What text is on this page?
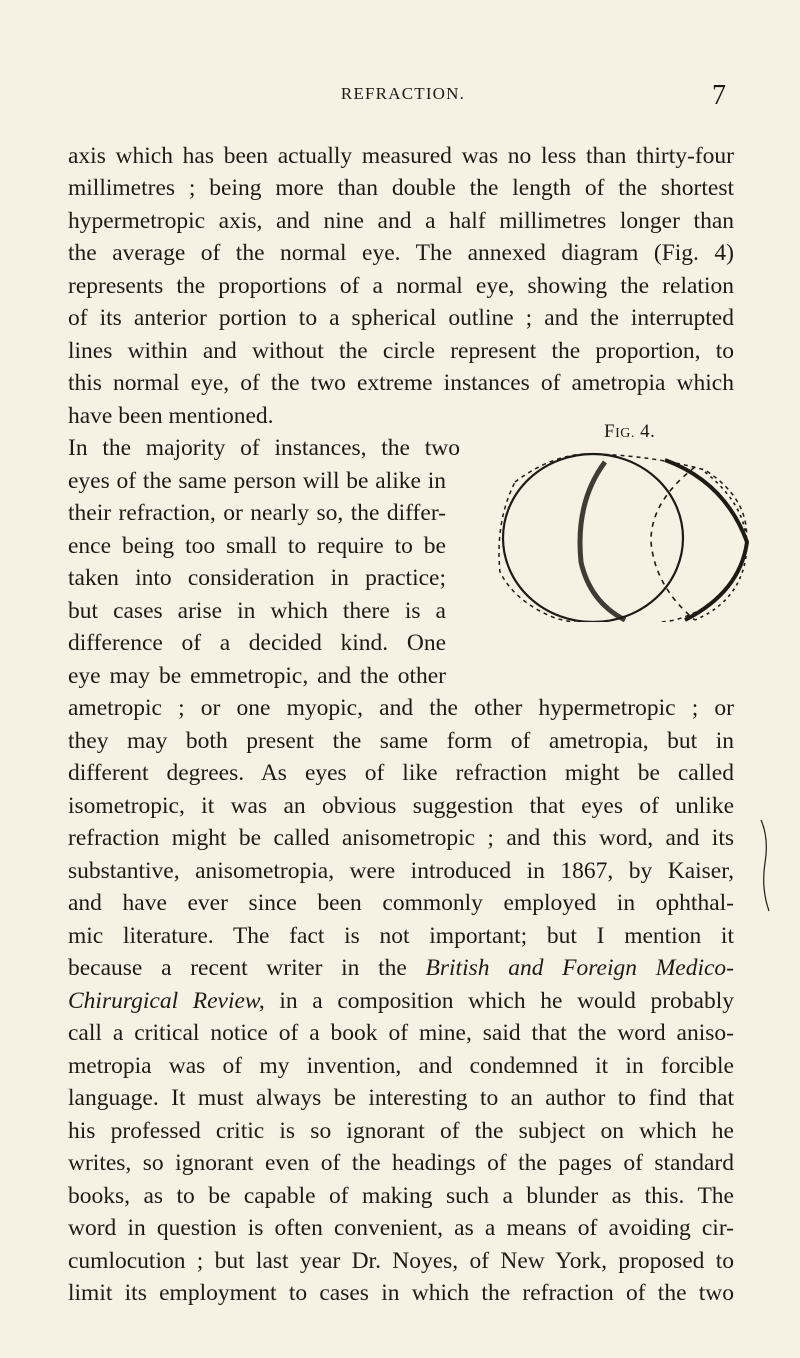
REFRACTION.	7
axis which has been actually measured was no less than thirty-four
millimetres ; being more than double the length of the shortest
hypermetropic axis, and nine and a half millimetres longer than
the average of the normal eye. The annexed diagram (Fig. 4)
represents the proportions of a normal eye, showing the relation
of its anterior portion to a spherical outline ; and the interrupted
lines within and without the circle represent the proportion, to
this normal eye, of the two extreme instances of ametropia which
have been mentioned.
In the majority of instances, the two
eyes of the same person will be alike in
their refraction, or nearly so, the differ-
ence being too small to require to be
taken into consideration in practice;
but cases arise in which there is a
difference of a decided kind. One
eye may be emmetropic, and the other
FIG. 4.
ametropic ; or one myopic, and the other hypermetropic ; or
they may both present the same form of ametropia, but in
different degrees. As eyes of like refraction might be called
isometropic, it was an obvious suggestion that eyes of unlike
refraction might be called anisometropic ; and this word, and its
substantive, anisometropia, were introduced in 1867, by Kaiser,
and have ever since been commonly employed in ophthal-
mic literature. The fact is not important; but I mention it
because a recent writer in the British and Foreign Medico-
Chirurgical Review, in a composition which he would probably
call a critical notice of a book of mine, said that the word aniso-
metropia was of my invention, and condemned it in forcible
language. It must always be interesting to an author to find that
his professed critic is so ignorant of the subject on which he
writes, so ignorant even of the headings of the pages of standard
books, as to be capable of making such a blunder as this. The
word in question is often convenient, as a means of avoiding cir-
cumlocution ; but last year Dr. Noyes, of New York, proposed to
limit its employment to cases in which the refraction of the two
